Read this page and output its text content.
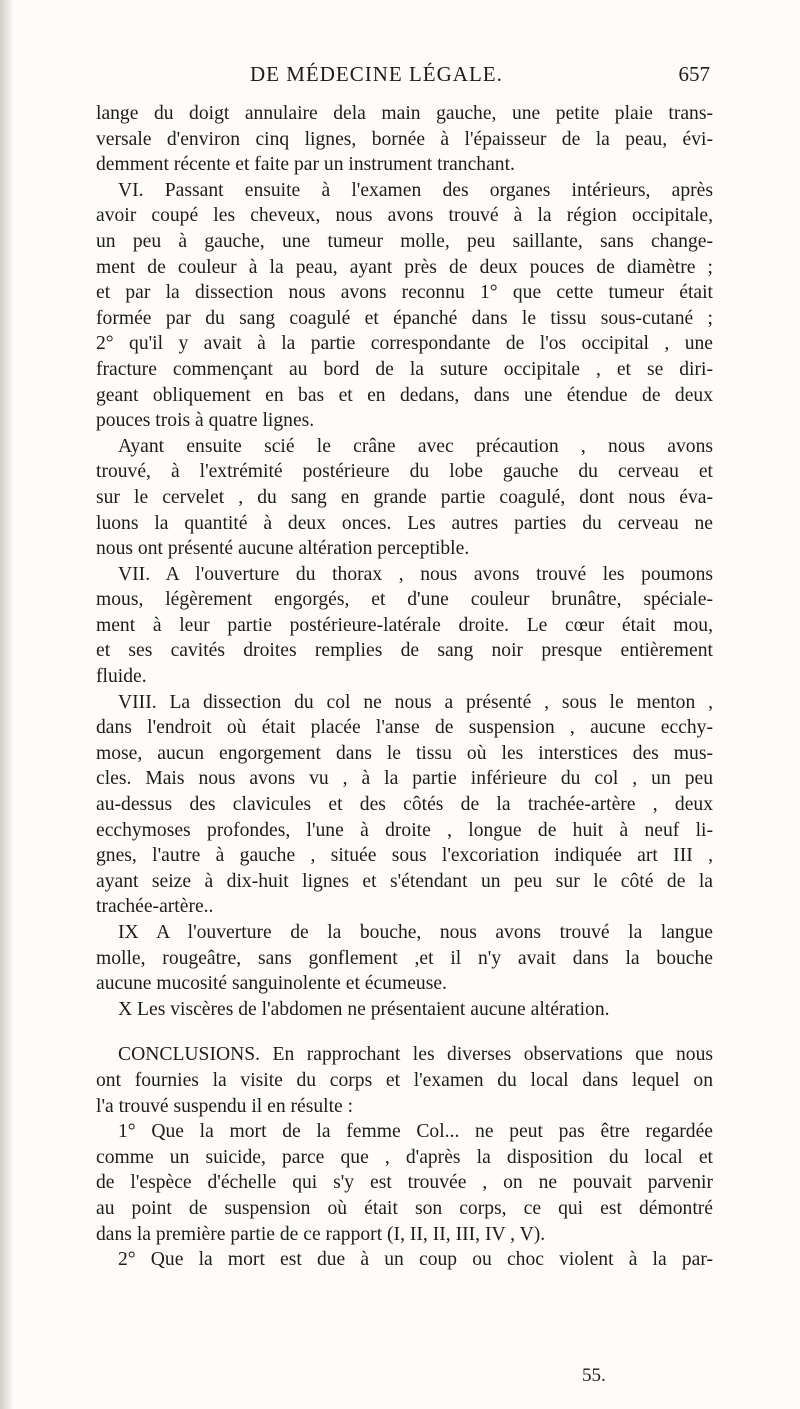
DE MÉDECINE LÉGALE.	657
lange du doigt annulaire dela main gauche, une petite plaie trans-
versale d'environ cinq lignes, bornée à l'épaisseur de la peau, évi-
demment récente et faite par un instrument tranchant.
VI. Passant ensuite à l'examen des organes intérieurs, après
avoir coupé les cheveux, nous avons trouvé à la région occipitale,
un peu à gauche, une tumeur molle, peu saillante, sans change-
ment de couleur à la peau, ayant près de deux pouces de diamètre ;
et par la dissection nous avons reconnu 1° que cette tumeur était
formée par du sang coagulé et épanché dans le tissu sous-cutané ;
2° qu'il y avait à la partie correspondante de l'os occipital , une
fracture commençant au bord de la suture occipitale , et se diri-
geant obliquement en bas et en dedans, dans une étendue de deux
pouces trois à quatre lignes.
Ayant ensuite scié le crâne avec précaution , nous avons
trouvé, à l'extrémité postérieure du lobe gauche du cerveau et
sur le cervelet , du sang en grande partie coagulé, dont nous éva-
luons la quantité à deux onces. Les autres parties du cerveau ne
nous ont présenté aucune altération perceptible.
VII. A l'ouverture du thorax , nous avons trouvé les poumons
mous, légèrement engorgés, et d'une couleur brunâtre, spéciale-
ment à leur partie postérieure-latérale droite. Le cœur était mou,
et ses cavités droites remplies de sang noir presque entièrement
fluide.
VIII. La dissection du col ne nous a présenté , sous le menton ,
dans l'endroit où était placée l'anse de suspension , aucune ecchy-
mose, aucun engorgement dans le tissu où les interstices des mus-
cles. Mais nous avons vu , à la partie inférieure du col , un peu
au-dessus des clavicules et des côtés de la trachée-artère , deux
ecchymoses profondes, l'une à droite , longue de huit à neuf li-
gnes, l'autre à gauche , située sous l'excoriation indiquée art III ,
ayant seize à dix-huit lignes et s'étendant un peu sur le côté de la
trachée-artère..
IX A l'ouverture de la bouche, nous avons trouvé la langue
molle, rougeâtre, sans gonflement ,et il n'y avait dans la bouche
aucune mucosité sanguinolente et écumeuse.
X Les viscères de l'abdomen ne présentaient aucune altération.
CONCLUSIONS. En rapprochant les diverses observations que nous
ont fournies la visite du corps et l'examen du local dans lequel on
l'a trouvé suspendu il en résulte :
1° Que la mort de la femme Col... ne peut pas être regardée
comme un suicide, parce que , d'après la disposition du local et
de l'espèce d'échelle qui s'y est trouvée , on ne pouvait parvenir
au point de suspension où était son corps, ce qui est démontré
dans la première partie de ce rapport (I, II, II, III, IV , V).
2° Que la mort est due à un coup ou choc violent à la par-
55.
